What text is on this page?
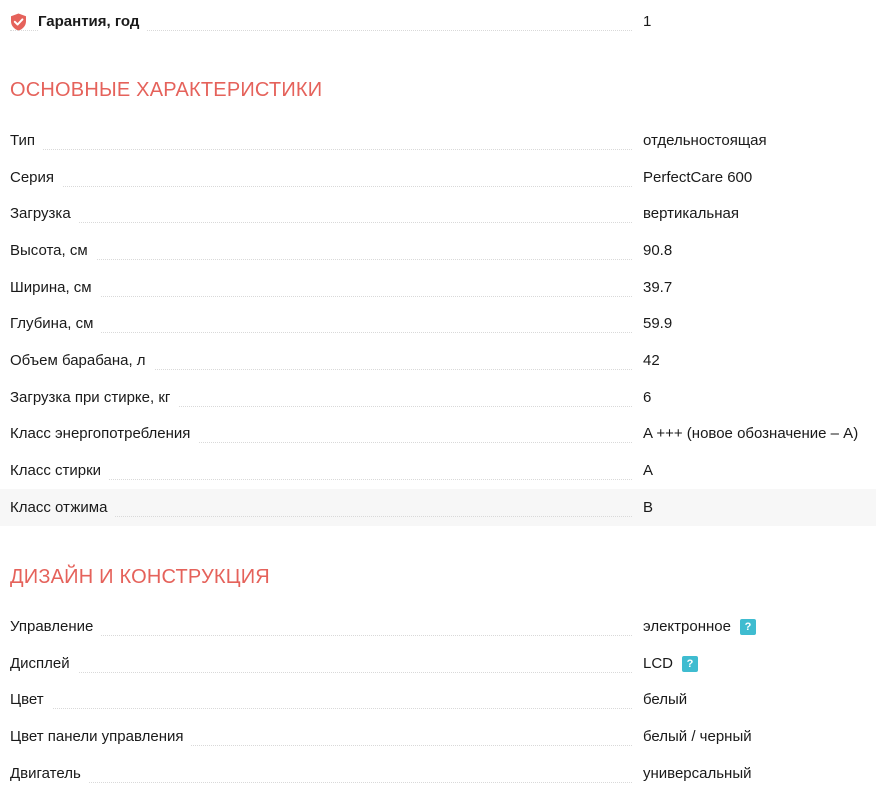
Гарантия, год	1
ОСНОВНЫЕ ХАРАКТЕРИСТИКИ
Тип	отдельностоящая
Серия	PerfectCare 600
Загрузка	вертикальная
Высота, см	90.8
Ширина, см	39.7
Глубина, см	59.9
Объем барабана, л	42
Загрузка при стирке, кг	6
Класс энергопотребления	A +++ (новое обозначение – A)
Класс стирки	A
Класс отжима	B
ДИЗАЙН И КОНСТРУКЦИЯ
Управление	электронное ?
Дисплей	LCD ?
Цвет	белый
Цвет панели управления	белый / черный
Двигатель	универсальный
